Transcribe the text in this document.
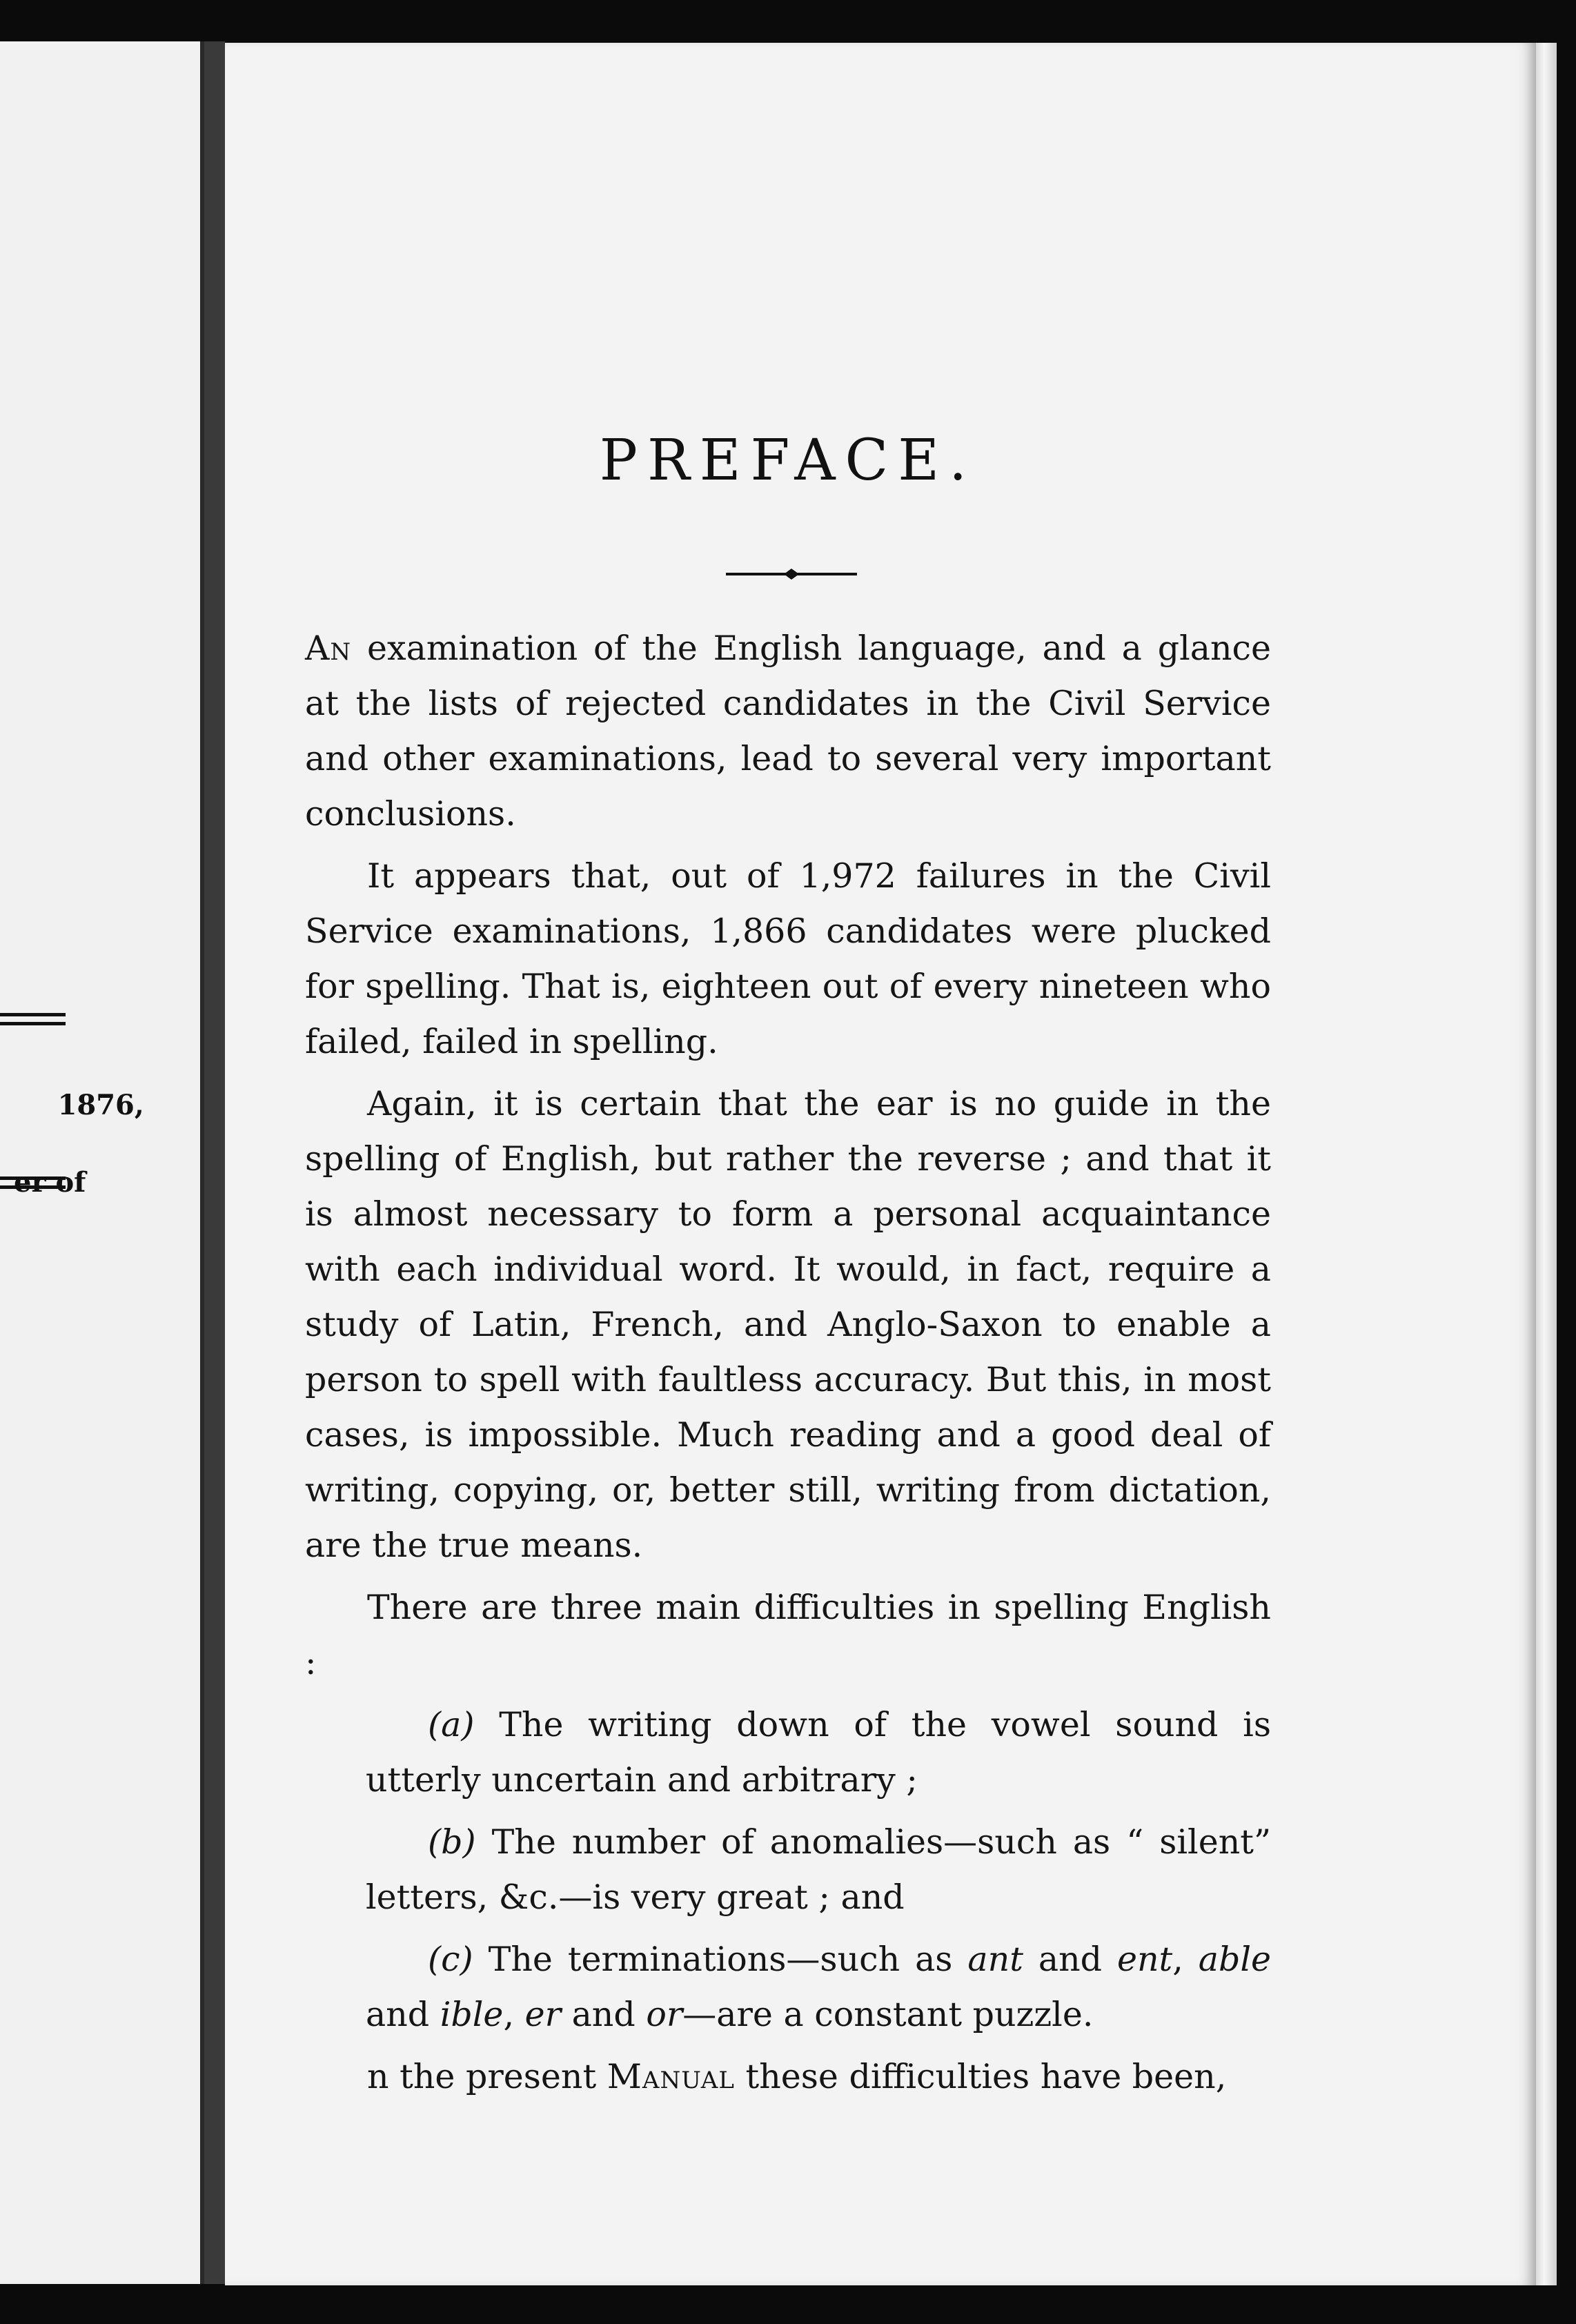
1876,

er of

PREFACE.

An examination of the English language, and a glance at the lists of rejected candidates in the Civil Service and other examinations, lead to several very important conclusions.

It appears that, out of 1,972 failures in the Civil Service examinations, 1,866 candidates were plucked for spelling. That is, eighteen out of every nineteen who failed, failed in spelling.

Again, it is certain that the ear is no guide in the spelling of English, but rather the reverse ; and that it is almost necessary to form a personal acquaintance with each individual word. It would, in fact, require a study of Latin, French, and Anglo-Saxon to enable a person to spell with faultless accuracy. But this, in most cases, is impossible. Much reading and a good deal of writing, copying, or, better still, writing from dictation, are the true means.

There are three main difficulties in spelling English :

(a) The writing down of the vowel sound is utterly uncertain and arbitrary ;

(b) The number of anomalies—such as “ silent” letters, &c.—is very great ; and

(c) The terminations—such as ant and ent, able and ible, er and or—are a constant puzzle.

n the present Manual these difficulties have been,
